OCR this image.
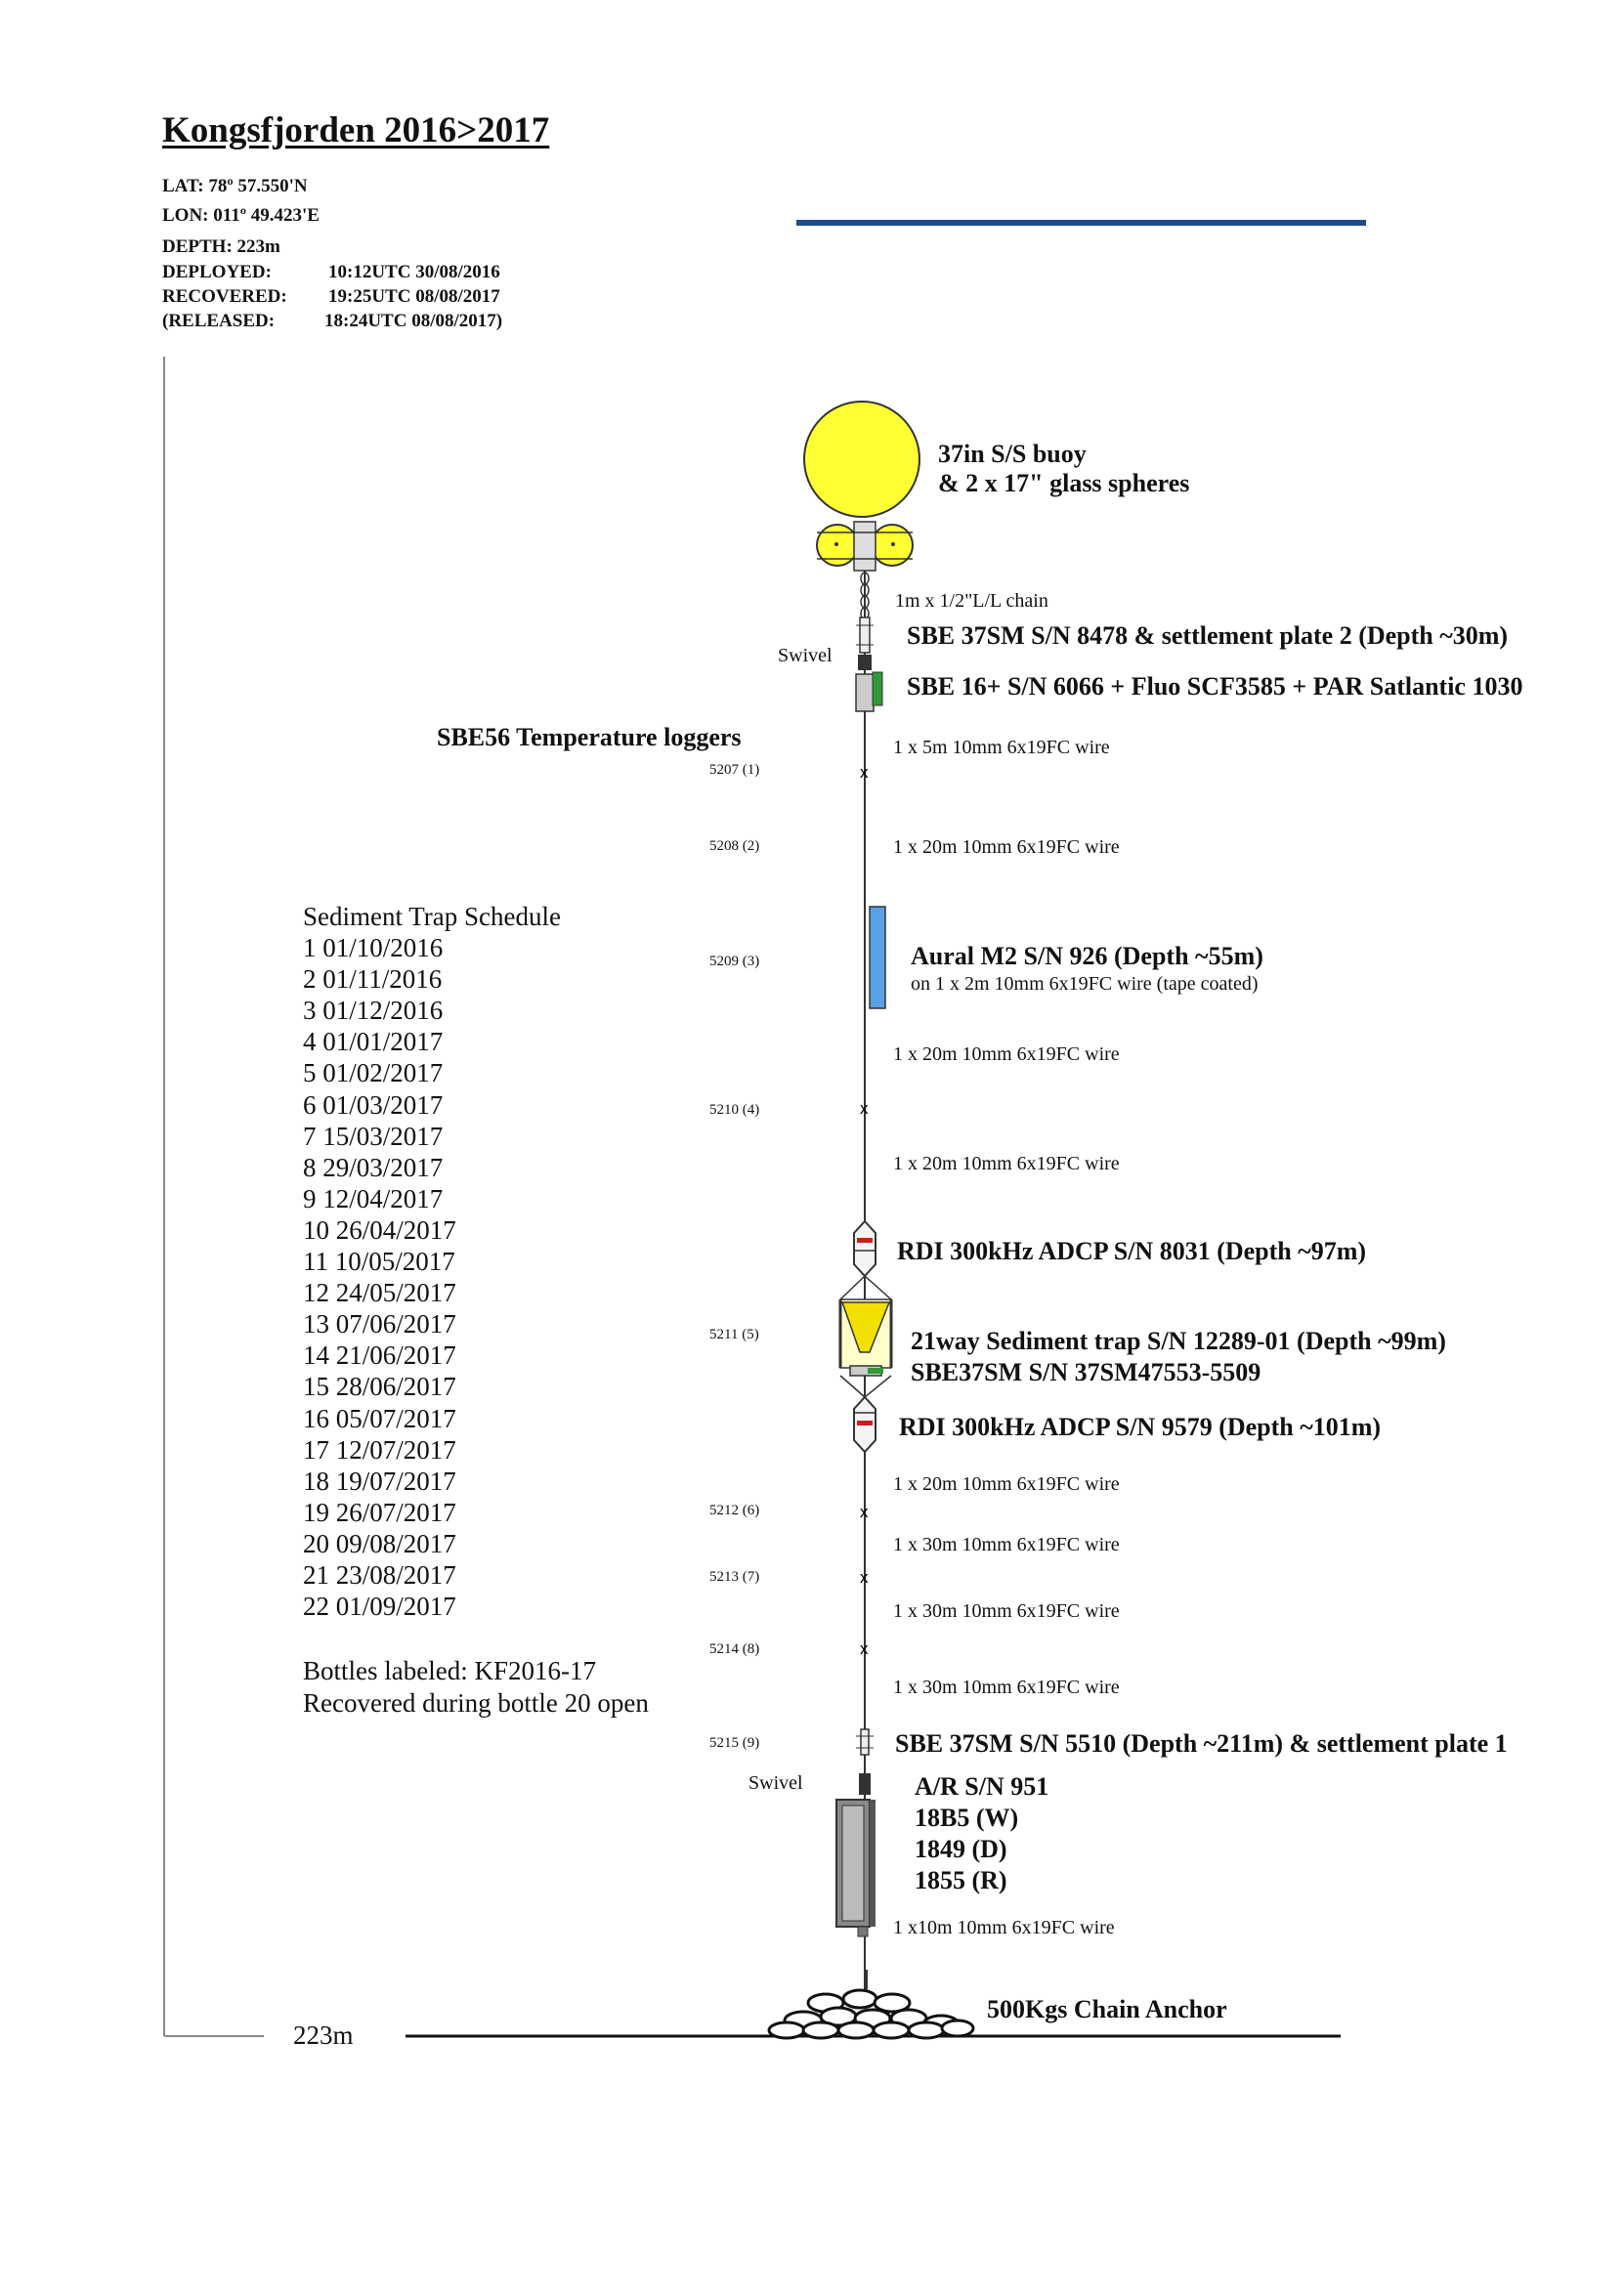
x
x
x
x
x
Kongsfjorden 2016>2017
LAT: 78º 57.550'N
LON: 011º 49.423'E
DEPTH: 223m
DEPLOYED:	10:12UTC 30/08/2016
RECOVERED: 19:25UTC 08/08/2017
(RELEASED:	18:24UTC 08/08/2017)
37in S/S buoy
& 2 x 17" glass spheres
1m x 1/2"L/L chain
SBE 37SM S/N 8478 & settlement plate 2 (Depth ~30m)
Swivel
SBE 16+ S/N 6066 + Fluo SCF3585 + PAR Satlantic 1030
SBE56 Temperature loggers
Aural M2 S/N 926 (Depth ~55m)
on 1 x 2m 10mm 6x19FC wire (tape coated)
RDI 300kHz ADCP S/N 8031 (Depth ~97m)
21way Sediment trap S/N 12289-01 (Depth ~99m)
SBE37SM S/N 37SM47553-5509
RDI 300kHz ADCP S/N 9579 (Depth ~101m)
SBE 37SM S/N 5510 (Depth ~211m) & settlement plate 1
Swivel	A/R S/N 951
18B5 (W)
1849 (D)
1855 (R)
1 x10m 10mm 6x19FC wire
500Kgs Chain Anchor
223m
1 x 5m 10mm 6x19FC wire
1 x 20m 10mm 6x19FC wire
1 x 20m 10mm 6x19FC wire
1 x 20m 10mm 6x19FC wire
1 x 20m 10mm 6x19FC wire
1 x 30m 10mm 6x19FC wire
1 x 30m 10mm 6x19FC wire
1 x 30m 10mm 6x19FC wire
5207 (1)
5208 (2)
5209 (3)
5210 (4)
5211 (5)
5212 (6)
5213 (7)
5214 (8)
5215 (9)
Sediment Trap Schedule
1 01/10/2016
2 01/11/2016
3 01/12/2016
4 01/01/2017
5 01/02/2017
6 01/03/2017
7 15/03/2017
8 29/03/2017
9 12/04/2017
10 26/04/2017
11 10/05/2017
12 24/05/2017
13 07/06/2017
14 21/06/2017
15 28/06/2017
16 05/07/2017
17 12/07/2017
18 19/07/2017
19 26/07/2017
20 09/08/2017
21 23/08/2017
22 01/09/2017
Bottles labeled: KF2016-17
Recovered during bottle 20 open
